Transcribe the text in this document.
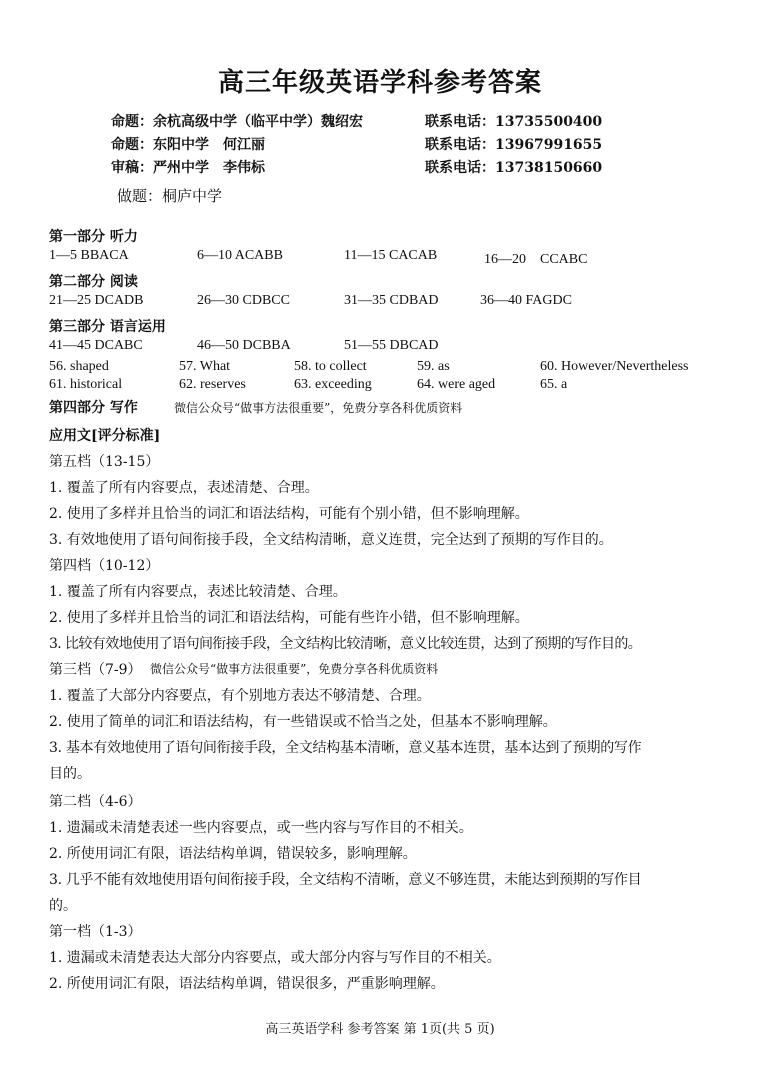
高三年级英语学科参考答案
命题：余杭高级中学（临平中学）魏绍宏	联系电话：13735500400
命题：东阳中学　何江丽	联系电话：13967991655
审稿：严州中学　李伟标	联系电话：13738150660
做题：桐庐中学
第一部分 听力
1—5 BBACA	6—10 ACABB	11—15 CACAB	16—20　CCABC
第二部分 阅读
21—25 DCADB	26—30 CDBCC	31—35 CDBAD	36—40 FAGDC
第三部分 语言运用
41—45 DCABC	46—50 DCBBA	51—55 DBCAD
56. shaped	57. What	58. to collect	59. as	60. However/Nevertheless
61. historical	62. reserves	63. exceeding	64. were aged	65. a
第四部分 写作	微信公众号“做事方法很重要”，免费分享各科优质资料
应用文[评分标准]
第五档（13-15）
1. 覆盖了所有内容要点，表述清楚、合理。
2. 使用了多样并且恰当的词汇和语法结构，可能有个别小错，但不影响理解。
3. 有效地使用了语句间衔接手段，全文结构清晰，意义连贯，完全达到了预期的写作目的。
第四档（10-12）
1. 覆盖了所有内容要点，表述比较清楚、合理。
2. 使用了多样并且恰当的词汇和语法结构，可能有些许小错，但不影响理解。
3. 比较有效地使用了语句间衔接手段，全文结构比较清晰，意义比较连贯，达到了预期的写作目的。
第三档（7-9） 微信公众号“做事方法很重要”，免费分享各科优质资料
1. 覆盖了大部分内容要点，有个别地方表达不够清楚、合理。
2. 使用了简单的词汇和语法结构，有一些错误或不恰当之处，但基本不影响理解。
3. 基本有效地使用了语句间衔接手段，全文结构基本清晰，意义基本连贯，基本达到了预期的写作
目的。
第二档（4-6）
1. 遗漏或未清楚表述一些内容要点，或一些内容与写作目的不相关。
2. 所使用词汇有限，语法结构单调，错误较多，影响理解。
3. 几乎不能有效地使用语句间衔接手段，全文结构不清晰，意义不够连贯，未能达到预期的写作目
的。
第一档（1-3）
1. 遗漏或未清楚表达大部分内容要点，或大部分内容与写作目的不相关。
2. 所使用词汇有限，语法结构单调，错误很多，严重影响理解。
高三英语学科 参考答案 第 1页(共 5 页)
